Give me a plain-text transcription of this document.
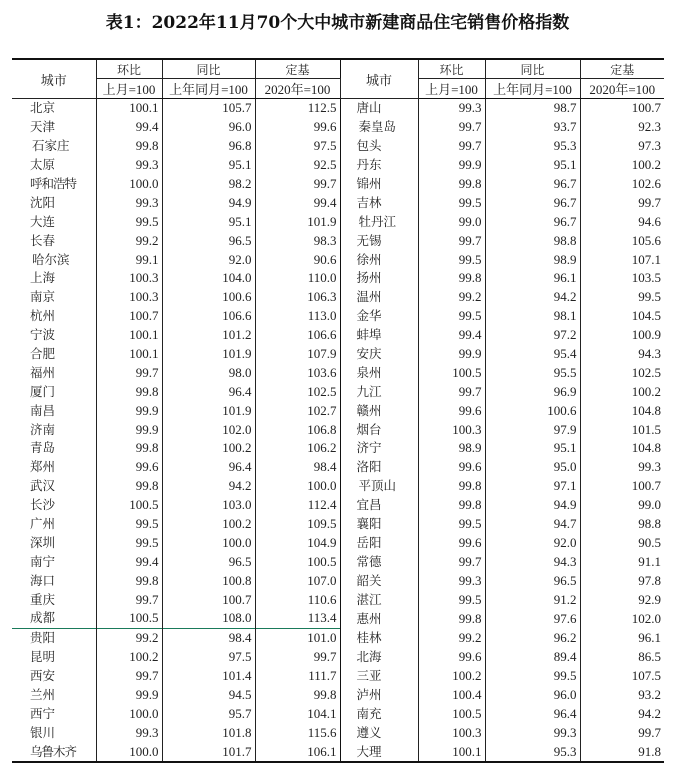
表1：2022年11月70个大中城市新建商品住宅销售价格指数
城市	环比	同比	定基	城市	环比	同比	定基
	上月=100	上年同月=100	2020年=100		上月=100	上年同月=100	2020年=100
北京	100.1	105.7	112.5	唐山	99.3	98.7	100.7
天津	99.4	96.0	99.6	秦皇岛	99.7	93.7	92.3
石家庄	99.8	96.8	97.5	包头	99.7	95.3	97.3
太原	99.3	95.1	92.5	丹东	99.9	95.1	100.2
呼和浩特	100.0	98.2	99.7	锦州	99.8	96.7	102.6
沈阳	99.3	94.9	99.4	吉林	99.5	96.7	99.7
大连	99.5	95.1	101.9	牡丹江	99.0	96.7	94.6
长春	99.2	96.5	98.3	无锡	99.7	98.8	105.6
哈尔滨	99.1	92.0	90.6	徐州	99.5	98.9	107.1
上海	100.3	104.0	110.0	扬州	99.8	96.1	103.5
南京	100.3	100.6	106.3	温州	99.2	94.2	99.5
杭州	100.7	106.6	113.0	金华	99.5	98.1	104.5
宁波	100.1	101.2	106.6	蚌埠	99.4	97.2	100.9
合肥	100.1	101.9	107.9	安庆	99.9	95.4	94.3
福州	99.7	98.0	103.6	泉州	100.5	95.5	102.5
厦门	99.8	96.4	102.5	九江	99.7	96.9	100.2
南昌	99.9	101.9	102.7	赣州	99.6	100.6	104.8
济南	99.9	102.0	106.8	烟台	100.3	97.9	101.5
青岛	99.8	100.2	106.2	济宁	98.9	95.1	104.8
郑州	99.6	96.4	98.4	洛阳	99.6	95.0	99.3
武汉	99.8	94.2	100.0	平顶山	99.8	97.1	100.7
长沙	100.5	103.0	112.4	宜昌	99.8	94.9	99.0
广州	99.5	100.2	109.5	襄阳	99.5	94.7	98.8
深圳	99.5	100.0	104.9	岳阳	99.6	92.0	90.5
南宁	99.4	96.5	100.5	常德	99.7	94.3	91.1
海口	99.8	100.8	107.0	韶关	99.3	96.5	97.8
重庆	99.7	100.7	110.6	湛江	99.5	91.2	92.9
成都	100.5	108.0	113.4	惠州	99.8	97.6	102.0
贵阳	99.2	98.4	101.0	桂林	99.2	96.2	96.1
昆明	100.2	97.5	99.7	北海	99.6	89.4	86.5
西安	99.7	101.4	111.7	三亚	100.2	99.5	107.5
兰州	99.9	94.5	99.8	泸州	100.4	96.0	93.2
西宁	100.0	95.7	104.1	南充	100.5	96.4	94.2
银川	99.3	101.8	115.6	遵义	100.3	99.3	99.7
乌鲁木齐	100.0	101.7	106.1	大理	100.1	95.3	91.8
